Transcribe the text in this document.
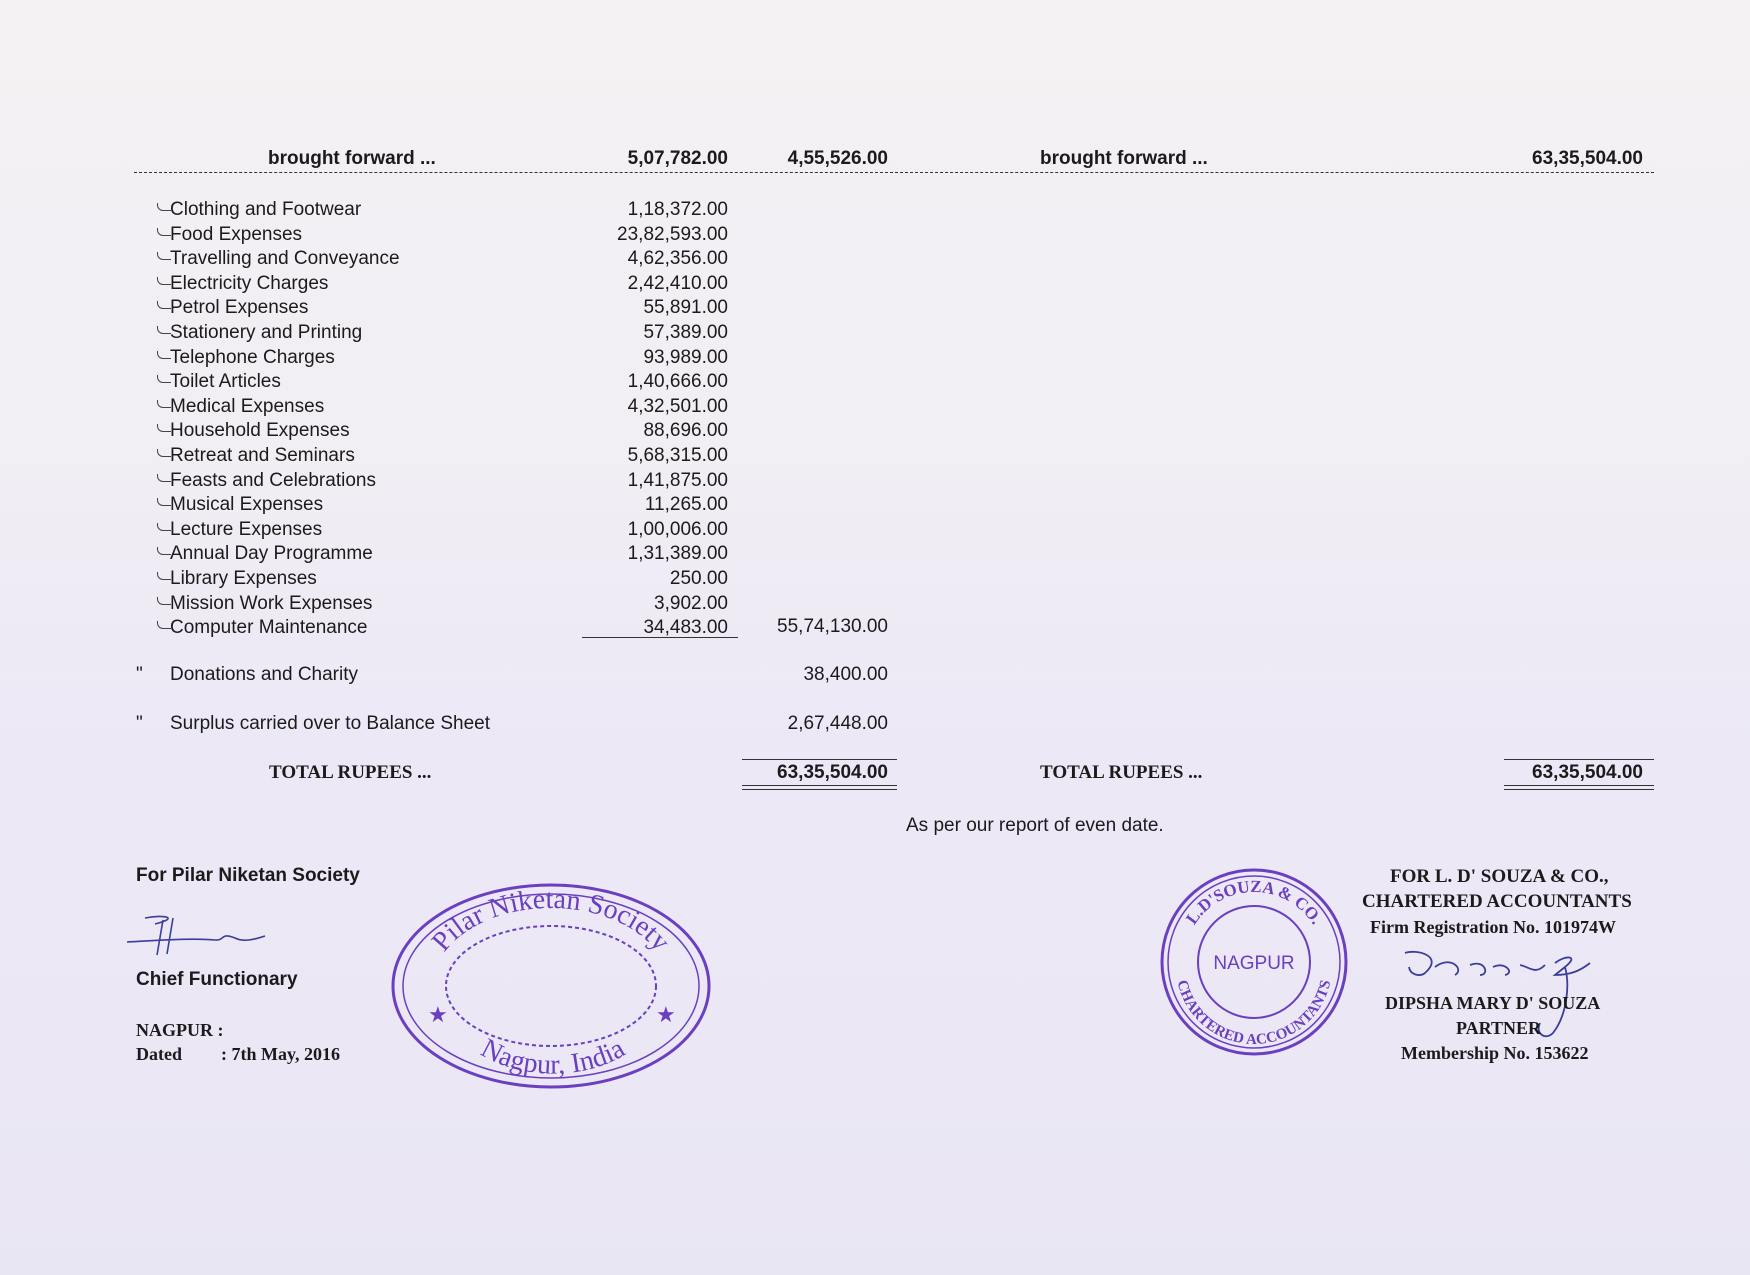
brought forward ...	5,07,782.00	4,55,526.00	brought forward ...	63,35,504.00
Clothing and Footwear	1,18,372.00
Food Expenses	23,82,593.00
Travelling and Conveyance	4,62,356.00
Electricity Charges	2,42,410.00
Petrol Expenses	55,891.00
Stationery and Printing	57,389.00
Telephone Charges	93,989.00
Toilet Articles	1,40,666.00
Medical Expenses	4,32,501.00
Household Expenses	88,696.00
Retreat and Seminars	5,68,315.00
Feasts and Celebrations	1,41,875.00
Musical Expenses	11,265.00
Lecture Expenses	1,00,006.00
Annual Day Programme	1,31,389.00
Library Expenses	250.00
Mission Work Expenses	3,902.00
Computer Maintenance	34,483.00	55,74,130.00
" Donations and Charity	38,400.00
" Surplus carried over to Balance Sheet	2,67,448.00
TOTAL RUPEES ...	63,35,504.00	TOTAL RUPEES ...	63,35,504.00
As per our report of even date.
For Pilar Niketan Society
Chief Functionary
NAGPUR :
Dated : 7th May, 2016
Pilar Niketan Society
Nagpur, India
★	★
L.D'SOUZA & CO.
NAGPUR
CHARTERED ACCOUNTANTS
FOR L. D' SOUZA & CO.,
CHARTERED ACCOUNTANTS
Firm Registration No. 101974W
DIPSHA MARY D' SOUZA
PARTNER
Membership No. 153622
